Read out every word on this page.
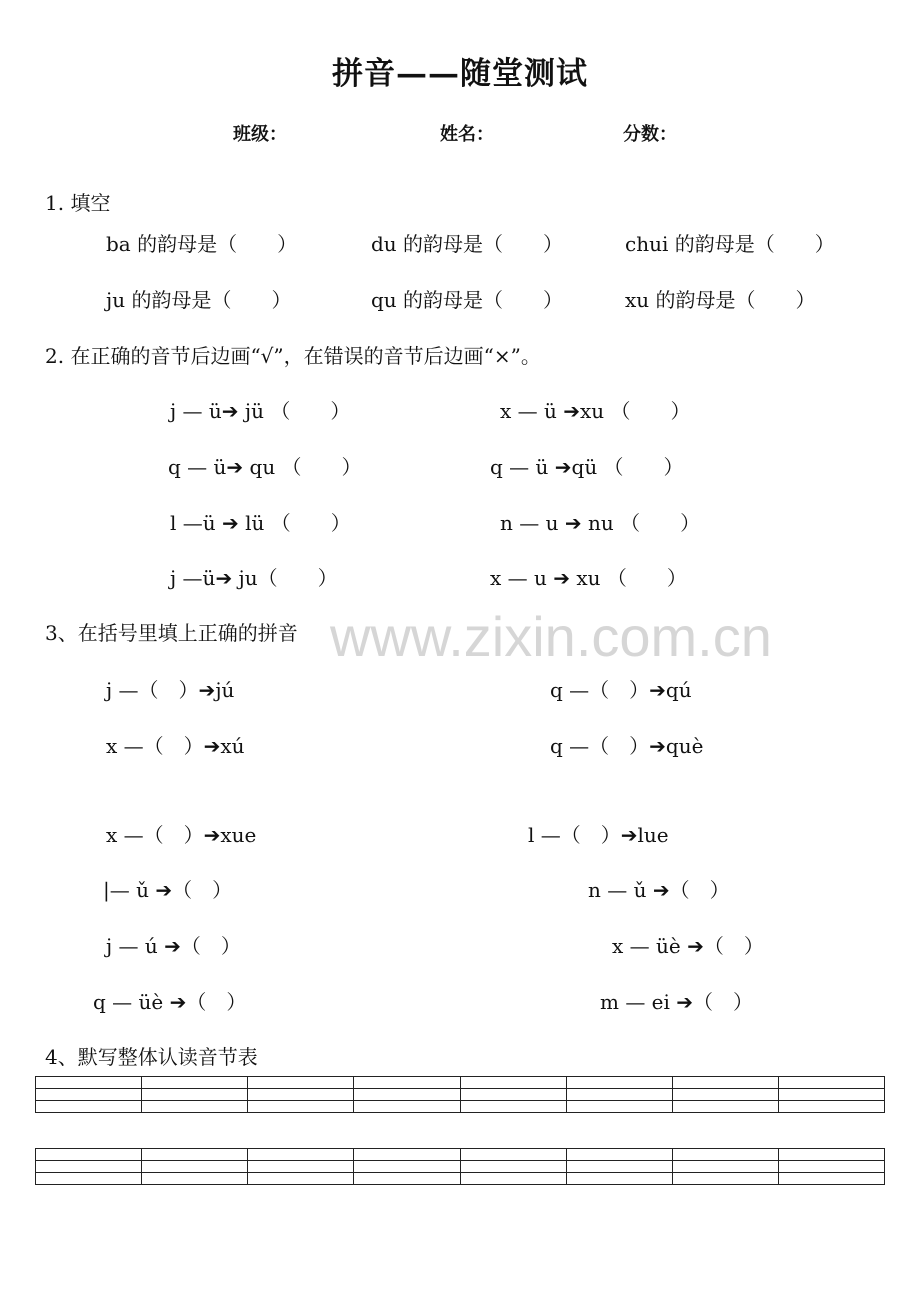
拼音——随堂测试
班级：	姓名：	分数：
1. 填空
ba 的韵母是（　　）	du 的韵母是（　　）	chui 的韵母是（　　）
ju 的韵母是（　　）	qu 的韵母是（　　）	xu 的韵母是（　　）
2. 在正确的音节后边画“√”，在错误的音节后边画“×”。
j — ü➔ jü （　　）	x — ü ➔xu （　　）
q — ü➔ qu （　　）	q — ü ➔qü （　　）
l —ü ➔ lü （　　）	n — u ➔ nu （　　）
j —ü➔ ju（　　）	x — u ➔ xu （　　）
www.zixin.com.cn
3、在括号里填上正确的拼音
j —（　）➔jú	q —（　）➔qú
x —（　）➔xú	q —（　）➔què
x —（　）➔xue	l —（　）➔lue
|— ǔ ➔（　）	n — ǔ ➔（　）
j — ú ➔（　）	x — üè ➔（　）
q — üè ➔（　）	m — ei ➔（　）
4、默写整体认读音节表
